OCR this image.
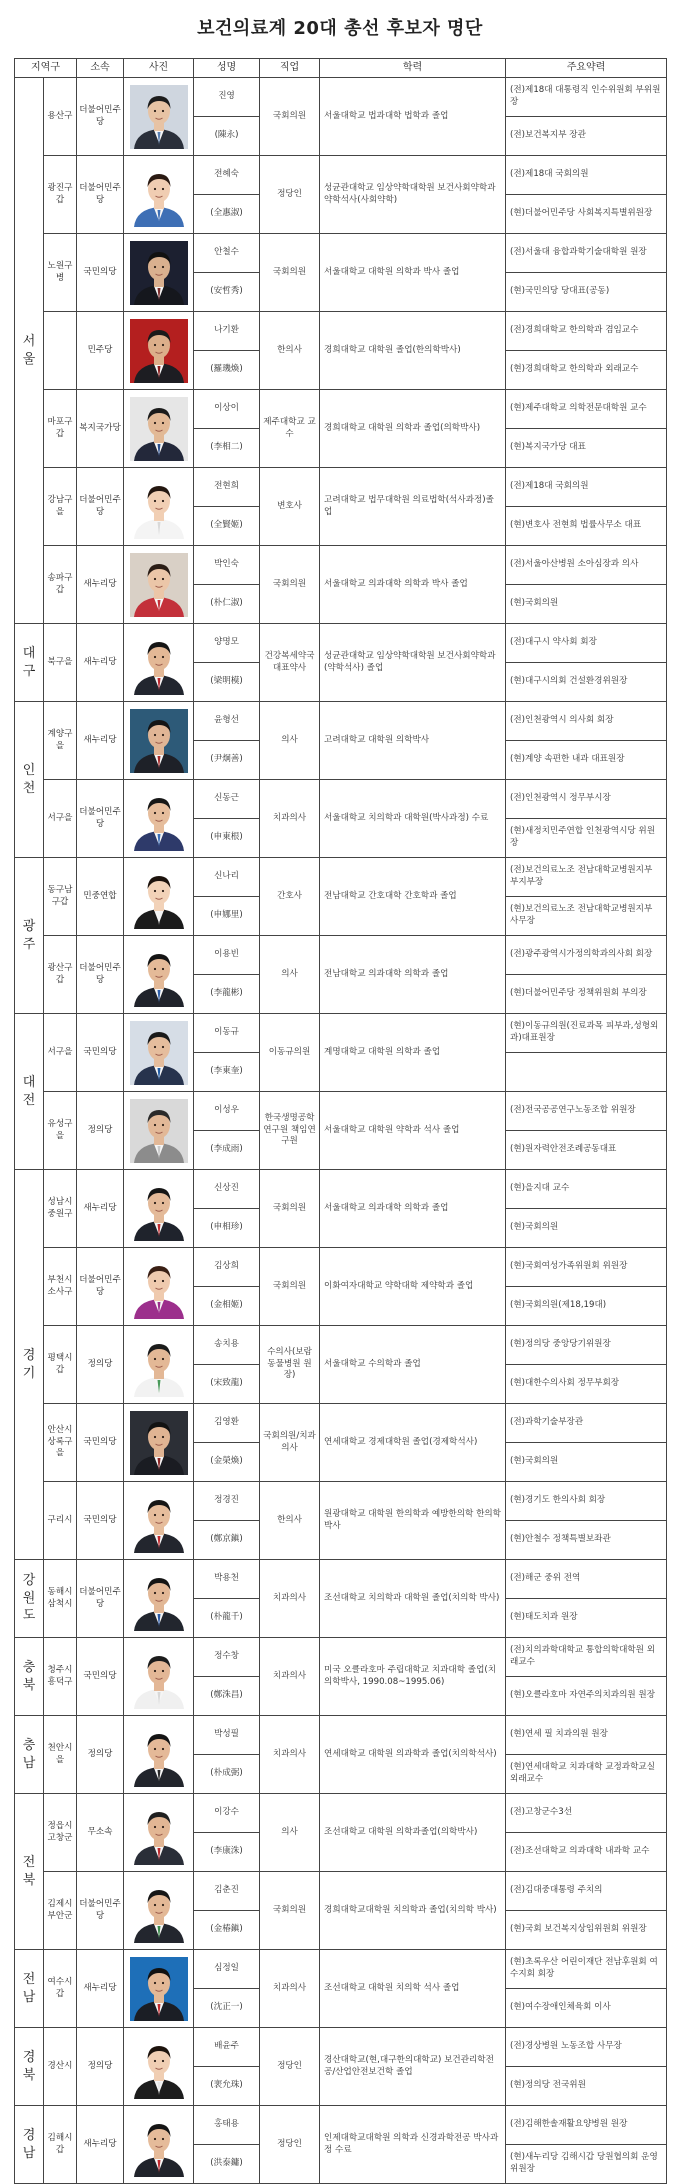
보건의료계 20대 총선 후보자 명단
지역구		소속	사진	성명	직업	학력	주요약력

서울	용산구	더불어민주당		진영	국회의원	서울대학교 법과대학 법학과 졸업	(전)제18대 대통령직 인수위원회 부위원장
				(陳永)			(전)보건복지부 장관
	광진구갑	더불어민주당		전혜숙	정당인	성균관대학교 임상약학대학원 보건사회약학과 약학석사(사회약학)	(전)제18대 국회의원
				(全惠淑)			(현)더불어민주당 사회복지특별위원장
	노원구병	국민의당		안철수	국회의원	서울대학교 대학원 의학과 박사 졸업	(전)서울대 융합과학기술대학원 원장
				(安哲秀)			(현)국민의당 당대표(공동)
		민주당		나기환	한의사	경희대학교 대학원 졸업(한의학박사)	(전)경희대학교 한의학과 겸임교수
				(羅璣煥)			(현)경희대학교 한의학과 외래교수
	마포구갑	복지국가당		이상이	제주대학교 교수	경희대학교 대학원 의학과 졸업(의학박사)	(현)제주대학교 의학전문대학원 교수
				(李相二)			(현)복지국가당 대표
	강남구을	더불어민주당		전현희	변호사	고려대학교 법무대학원 의료법학(석사과정)졸업	(전)제18대 국회의원
				(全賢姬)			(현)변호사 전현희 법률사무소 대표
	송파구갑	새누리당		박인숙	국회의원	서울대학교 의과대학 의학과 박사 졸업	(전)서울아산병원 소아심장과 의사
				(朴仁淑)			(현)국회의원

대구	북구을	새누리당		양명모	건강복세약국 대표약사	성균관대학교 임상약학대학원 보건사회약학과(약학석사) 졸업	(전)대구시 약사회 회장
				(梁明模)			(현)대구시의회 건설환경위원장

인천	계양구을	새누리당		윤형선	의사	고려대학교 대학원 의학박사	(전)인천광역시 의사회 회장
				(尹炯善)			(현)계양 속편한 내과 대표원장
	서구을	더불어민주당		신동근	치과의사	서울대학교 치의학과 대학원(박사과정) 수료	(전)인천광역시 정무부시장
				(申東根)			(현)새정치민주연합 인천광역시당 위원장

광주	동구남구갑	민중연합		신나리	간호사	전남대학교 간호대학 간호학과 졸업	(전)보건의료노조 전남대학교병원지부 부지부장
				(申娜里)			(현)보건의료노조 전남대학교병원지부 사무장
	광산구갑	더불어민주당		이용빈	의사	전남대학교 의과대학 의학과 졸업	(전)광주광역시가정의학과의사회 회장
				(李龍彬)			(현)더불어민주당 정책위원회 부의장

대전	서구을	국민의당		이동규	이동규의원	계명대학교 대학원 의학과 졸업	(현)이동규의원(진료과목 피부과,성형외과)대표원장
				(李東奎)			
	유성구을	정의당		이성우	한국생명공학연구원 책임연구원	서울대학교 대학원 약학과 석사 졸업	(전)전국공공연구노동조합 위원장
				(李成雨)			(현)원자력안전조례공동대표

경기	성남시중원구	새누리당		신상진	국회의원	서울대학교 의과대학 의학과 졸업	(현)을지대 교수
				(申相珍)			(현)국회의원
	부천시소사구	더불어민주당		김상희	국회의원	이화여자대학교 약학대학 제약학과 졸업	(현)국회여성가족위원회 위원장
				(金相姬)			(현)국회의원(제18,19대)
	평택시갑	정의당		송치용	수의사(보람동물병원 원장)	서울대학교 수의학과 졸업	(현)정의당 중앙당기위원장
				(宋致龍)			(현)대한수의사회 정무부회장
	안산시상록구을	국민의당		김영환	국회의원/치과의사	연세대학교 경제대학원 졸업(경제학석사)	(전)과학기술부장관
				(金榮煥)			(현)국회의원
	구리시	국민의당		정경진	한의사	원광대학교 대학원 한의학과 예방한의학 한의학박사	(현)경기도 한의사회 회장
				(鄭京鎭)			(현)안철수 정책특별보좌관

강원도	동해시삼척시	더불어민주당		박용천	치과의사	조선대학교 치의학과 대학원 졸업(치의학 박사)	(전)해군 중위 전역
				(朴龍千)			(현)태도치과 원장

충북	청주시흥덕구	국민의당		정수창	치과의사	미국 오클라호마 주립대학교 치과대학 졸업(치의학박사, 1990.08~1995.06)	(전)치의과학대학교 통합의학대학원 외래교수
				(鄭洙昌)			(현)오클라호마 자연주의치과의원 원장

충남	천안시을	정의당		박성필	치과의사	연세대학교 대학원 의과학과 졸업(치의학석사)	(현)연세 필 치과의원 원장
				(朴成弼)			(현)연세대학교 치과대학 교정과학교실 외래교수

전북	정읍시고창군	무소속		이강수	의사	조선대학교 대학원 의학과졸업(의학박사)	(전)고창군수3선
				(李康洙)			(전)조선대학교 의과대학 내과학 교수
	김제시부안군	더불어민주당		김춘진	국회의원	경희대학교대학원 치의학과 졸업(치의학 박사)	(전)김대중대통령 주치의
				(金椿鎭)			(현)국회 보건복지상임위원회 위원장

전남	여수시갑	새누리당		심정일	치과의사	조선대학교 대학원 치의학 석사 졸업	(현)초록우산 어린이재단 전남후원회 여수지회 회장
				(沈正一)			(현)여수장애인체육회 이사

경북	경산시	정의당		배윤주	정당인	경산대학교(현,대구한의대학교) 보건관리학전공/산업안전보건학 졸업	(전)경상병원 노동조합 사무장
				(裵允珠)			(현)정의당 전국위원

경남	김해시갑	새누리당		홍태용	정당인	인제대학교대학원 의학과 신경과학전공 박사과정 수료	(전)김해한솔재활요양병원 원장
				(洪泰鏞)			(현)새누리당 김해시갑 당원협의회 운영위원장
